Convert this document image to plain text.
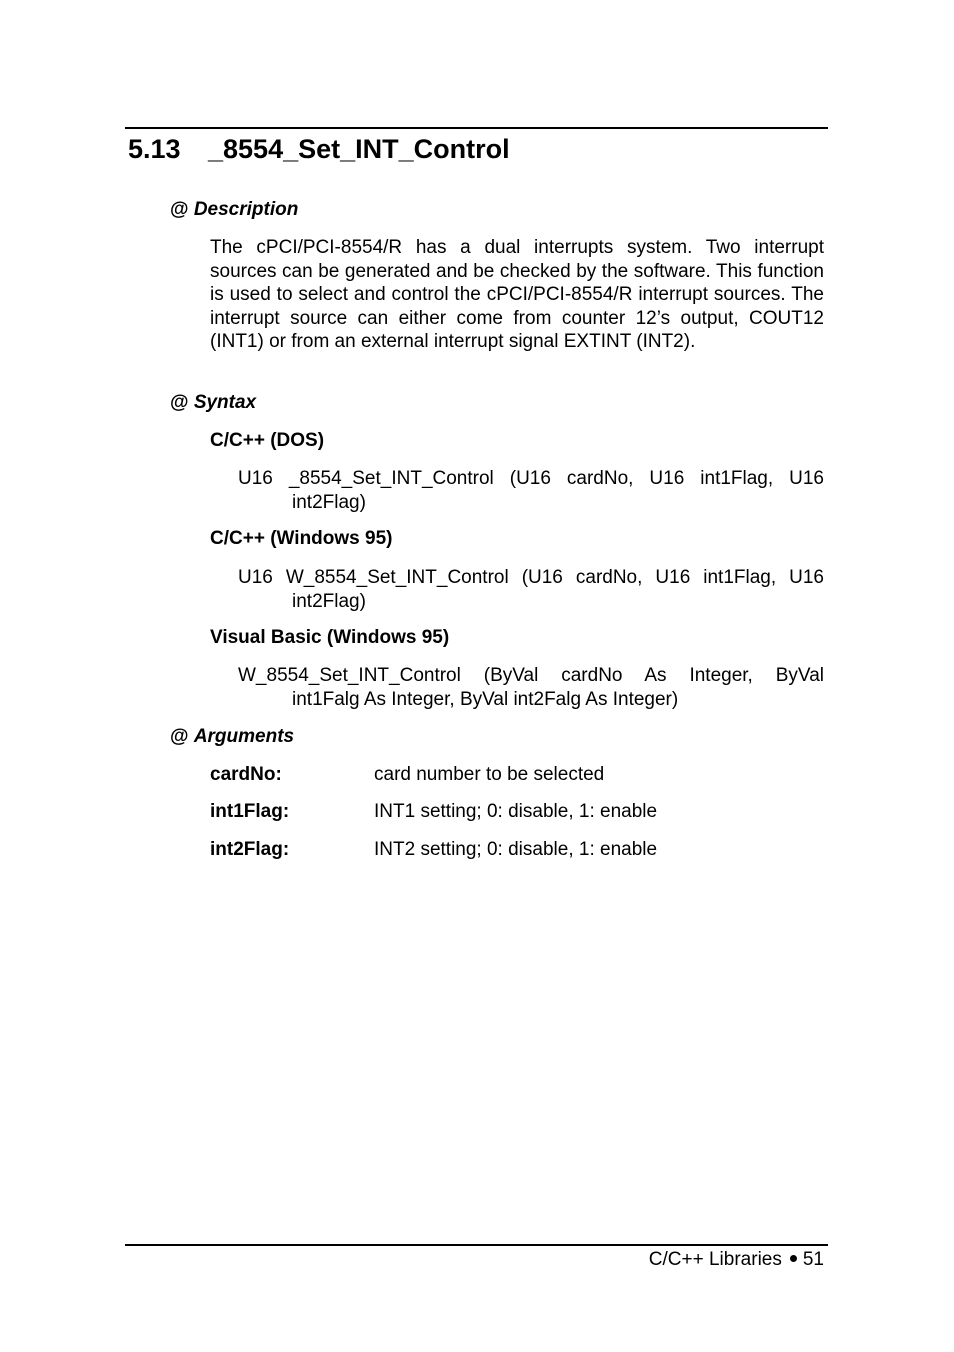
5.13 _8554_Set_INT_Control
@ Description
The cPCI/PCI-8554/R has a dual interrupts system. Two interrupt sources can be generated and be checked by the software. This function is used to select and control the cPCI/PCI-8554/R interrupt sources. The interrupt source can either come from counter 12’s output, COUT12 (INT1) or from an external interrupt signal EXTINT (INT2).
@ Syntax
C/C++ (DOS)
U16 _8554_Set_INT_Control (U16 cardNo, U16 int1Flag, U16
int2Flag)
C/C++ (Windows 95)
U16 W_8554_Set_INT_Control (U16 cardNo, U16 int1Flag, U16
int2Flag)
Visual Basic (Windows 95)
W_8554_Set_INT_Control (ByVal cardNo As Integer, ByVal
int1Falg As Integer, ByVal int2Falg As Integer)
@ Arguments
cardNo:	card number to be selected
int1Flag:	INT1 setting; 0: disable, 1: enable
int2Flag:	INT2 setting; 0: disable, 1: enable
C/C++ Libraries 51
